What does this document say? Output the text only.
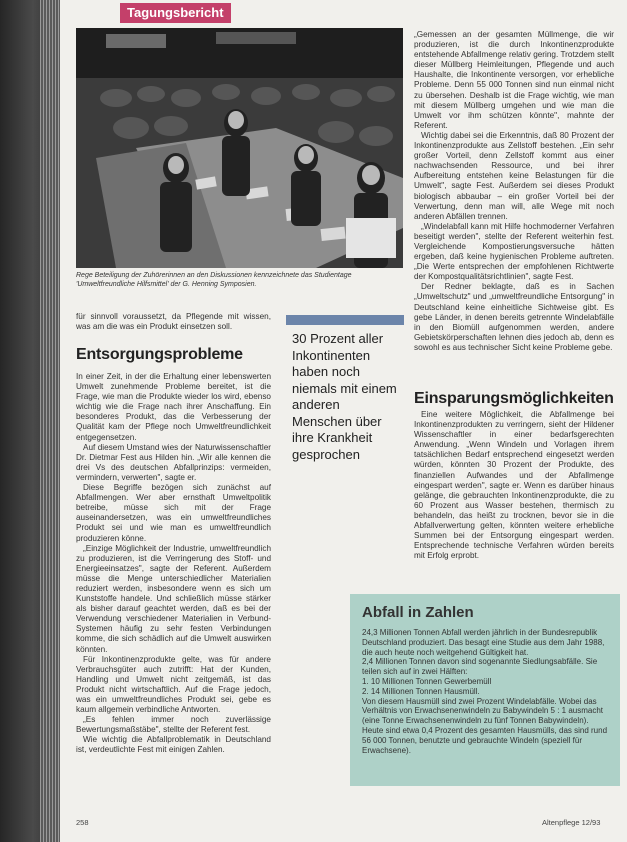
Tagungsbericht
Rege Beteiligung der Zuhörerinnen an den Diskussionen kennzeichnete das Studientage 'Umweltfreundliche Hilfsmittel' der G. Henning Symposien.

für sinnvoll voraussetzt, da Pflegende mit wissen, was am die was ein Produkt einsetzen soll.

Entsorgungsprobleme

In einer Zeit, in der die Erhaltung einer lebenswerten Umwelt zunehmende Probleme bereitet, ist die Frage, wie man die Produkte wieder los wird, ebenso wichtig wie die Frage nach ihrer Anschaffung. Ein besonderes Produkt, das die Verbesserung der Qualität kam der Pflege noch Umweltfreundlichkeit entgegensetzen.

Auf diesem Umstand wies der Naturwissenschaftler Dr. Dietmar Fest aus Hilden hin. „Wir alle kennen die drei Vs des deutschen Abfallprinzips: vermeiden, vermindern, verwerten", sagte er.

Diese Begriffe bezögen sich zunächst auf Abfallmengen. Wer aber ernsthaft Umweltpolitik betreibe, müsse sich mit der Frage auseinandersetzen, was ein umweltfreundliches Produkt sei und wie man es umweltfreundlich produzieren könne.

„Einzige Möglichkeit der Industrie, umweltfreundlich zu produzieren, ist die Verringerung des Stoff- und Energieeinsatzes", sagte der Referent. Außerdem müsse die Menge unterschiedlicher Materialien reduziert werden, insbesondere wenn es sich um Kunststoffe handele. Und schließlich müsse stärker als bisher darauf geachtet werden, daß es bei der Verwendung verschiedener Materialien in Verbund-Systemen häufig zu sehr festen Verbindungen komme, die sich schädlich auf die Umwelt auswirken könnten.

Für Inkontinenzprodukte gelte, was für andere Verbrauchsgüter auch zutrifft: Hat der Kunden, Handling und Umwelt nicht zeitgemäß, ist das Produkt nicht wirtschaftlich. Auf die Frage jedoch, was ein umweltfreundliches Produkt sei, gebe es kaum allgemein verbindliche Antworten.

„Es fehlen immer noch zuverlässige Bewertungsmaßstäbe", stellte der Referent fest.

Wie wichtig die Abfallproblematik in Deutschland ist, verdeutlichte Fest mit einigen Zahlen.

30 Prozent aller Inkontinenten haben noch niemals mit einem anderen Menschen über ihre Krankheit gesprochen

„Gemessen an der gesamten Müllmenge, die wir produzieren, ist die durch Inkontinenzprodukte entstehende Abfallmenge relativ gering. Trotzdem stellt dieser Müllberg Heimleitungen, Pflegende und auch Haushalte, die Inkontinente versorgen, vor erhebliche Probleme. Denn 55 000 Tonnen sind nun einmal nicht zu übersehen. Deshalb ist die Frage wichtig, wie man mit diesem Müllberg umgehen und wie man die Umwelt vor ihm schützen könnte", mahnte der Referent.

Wichtig dabei sei die Erkenntnis, daß 80 Prozent der Inkontinenzprodukte aus Zellstoff bestehen. „Ein sehr großer Vorteil, denn Zellstoff kommt aus einer nachwachsenden Ressource, und bei ihrer Aufbereitung entstehen keine Belastungen für die Umwelt", sagte Fest. Außerdem sei dieses Produkt biologisch abbaubar – ein großer Vorteil bei der Verwertung, denn man will, alle Wege mit noch anderen Abfällen trennen.

„Windelabfall kann mit Hilfe hochmoderner Verfahren beseitigt werden", stellte der Referent weiterhin fest. Vergleichende Kompostierungsversuche hätten ergeben, daß keine hygienischen Probleme auftreten. „Die Werte entsprechen der empfohlenen Richtwerte der Kompostqualitätsrichtlinien", sagte Fest.

Der Redner beklagte, daß es in Sachen „Umweltschutz" und „umweltfreundliche Entsorgung" in Deutschland keine einheitliche Sichtweise gibt. Es gebe Länder, in denen bereits getrennte Windelabfälle in den Biomüll aufgenommen werden, andere Gebietskörperschaften lehnen dies jedoch ab, denn es sowohl es aus technischer Sicht keine Probleme gebe.

Einsparungsmöglichkeiten

Eine weitere Möglichkeit, die Abfallmenge bei Inkontinenzprodukten zu verringern, sieht der Hildener Wissenschaftler in einer bedarfsgerechten Anwendung. „Wenn Windeln und Vorlagen ihrem tatsächlichen Bedarf entsprechend eingesetzt werden würden, könnten 30 Prozent der Produkte, des finanziellen Aufwandes und der Abfallmenge eingespart werden", sagte er. Wenn es darüber hinaus gelänge, die gebrauchten Inkontinenzprodukte, die zu 60 Prozent aus Wasser bestehen, thermisch zu behandeln, das heißt zu trocknen, bevor sie in die Abfallverwertung gelten, könnten weitere erhebliche Summen bei der Entsorgung eingespart werden. Entsprechende technische Verfahren würden bereits mit Erfolg erprobt.

Abfall in Zahlen

24,3 Millionen Tonnen Abfall werden jährlich in der Bundesrepublik Deutschland produziert. Das besagt eine Studie aus dem Jahr 1988, die auch heute noch weitgehend Gültigkeit hat.

2,4 Millionen Tonnen davon sind sogenannte Siedlungsabfälle. Sie teilen sich auf in zwei Hälften:

1. 10 Millionen Tonnen Gewerbemüll

2. 14 Millionen Tonnen Hausmüll.

Von diesem Hausmüll sind zwei Prozent Windelabfälle. Wobei das Verhältnis von Erwachsenenwindeln zu Babywindeln 5 : 1 ausmacht (eine Tonne Erwachsenenwindeln zu fünf Tonnen Babywindeln).

Heute sind etwa 0,4 Prozent des gesamten Hausmülls, das sind rund 56 000 Tonnen, benutzte und gebrauchte Windeln (speziell für Erwachsene).

258	Altenpflege 12/93
